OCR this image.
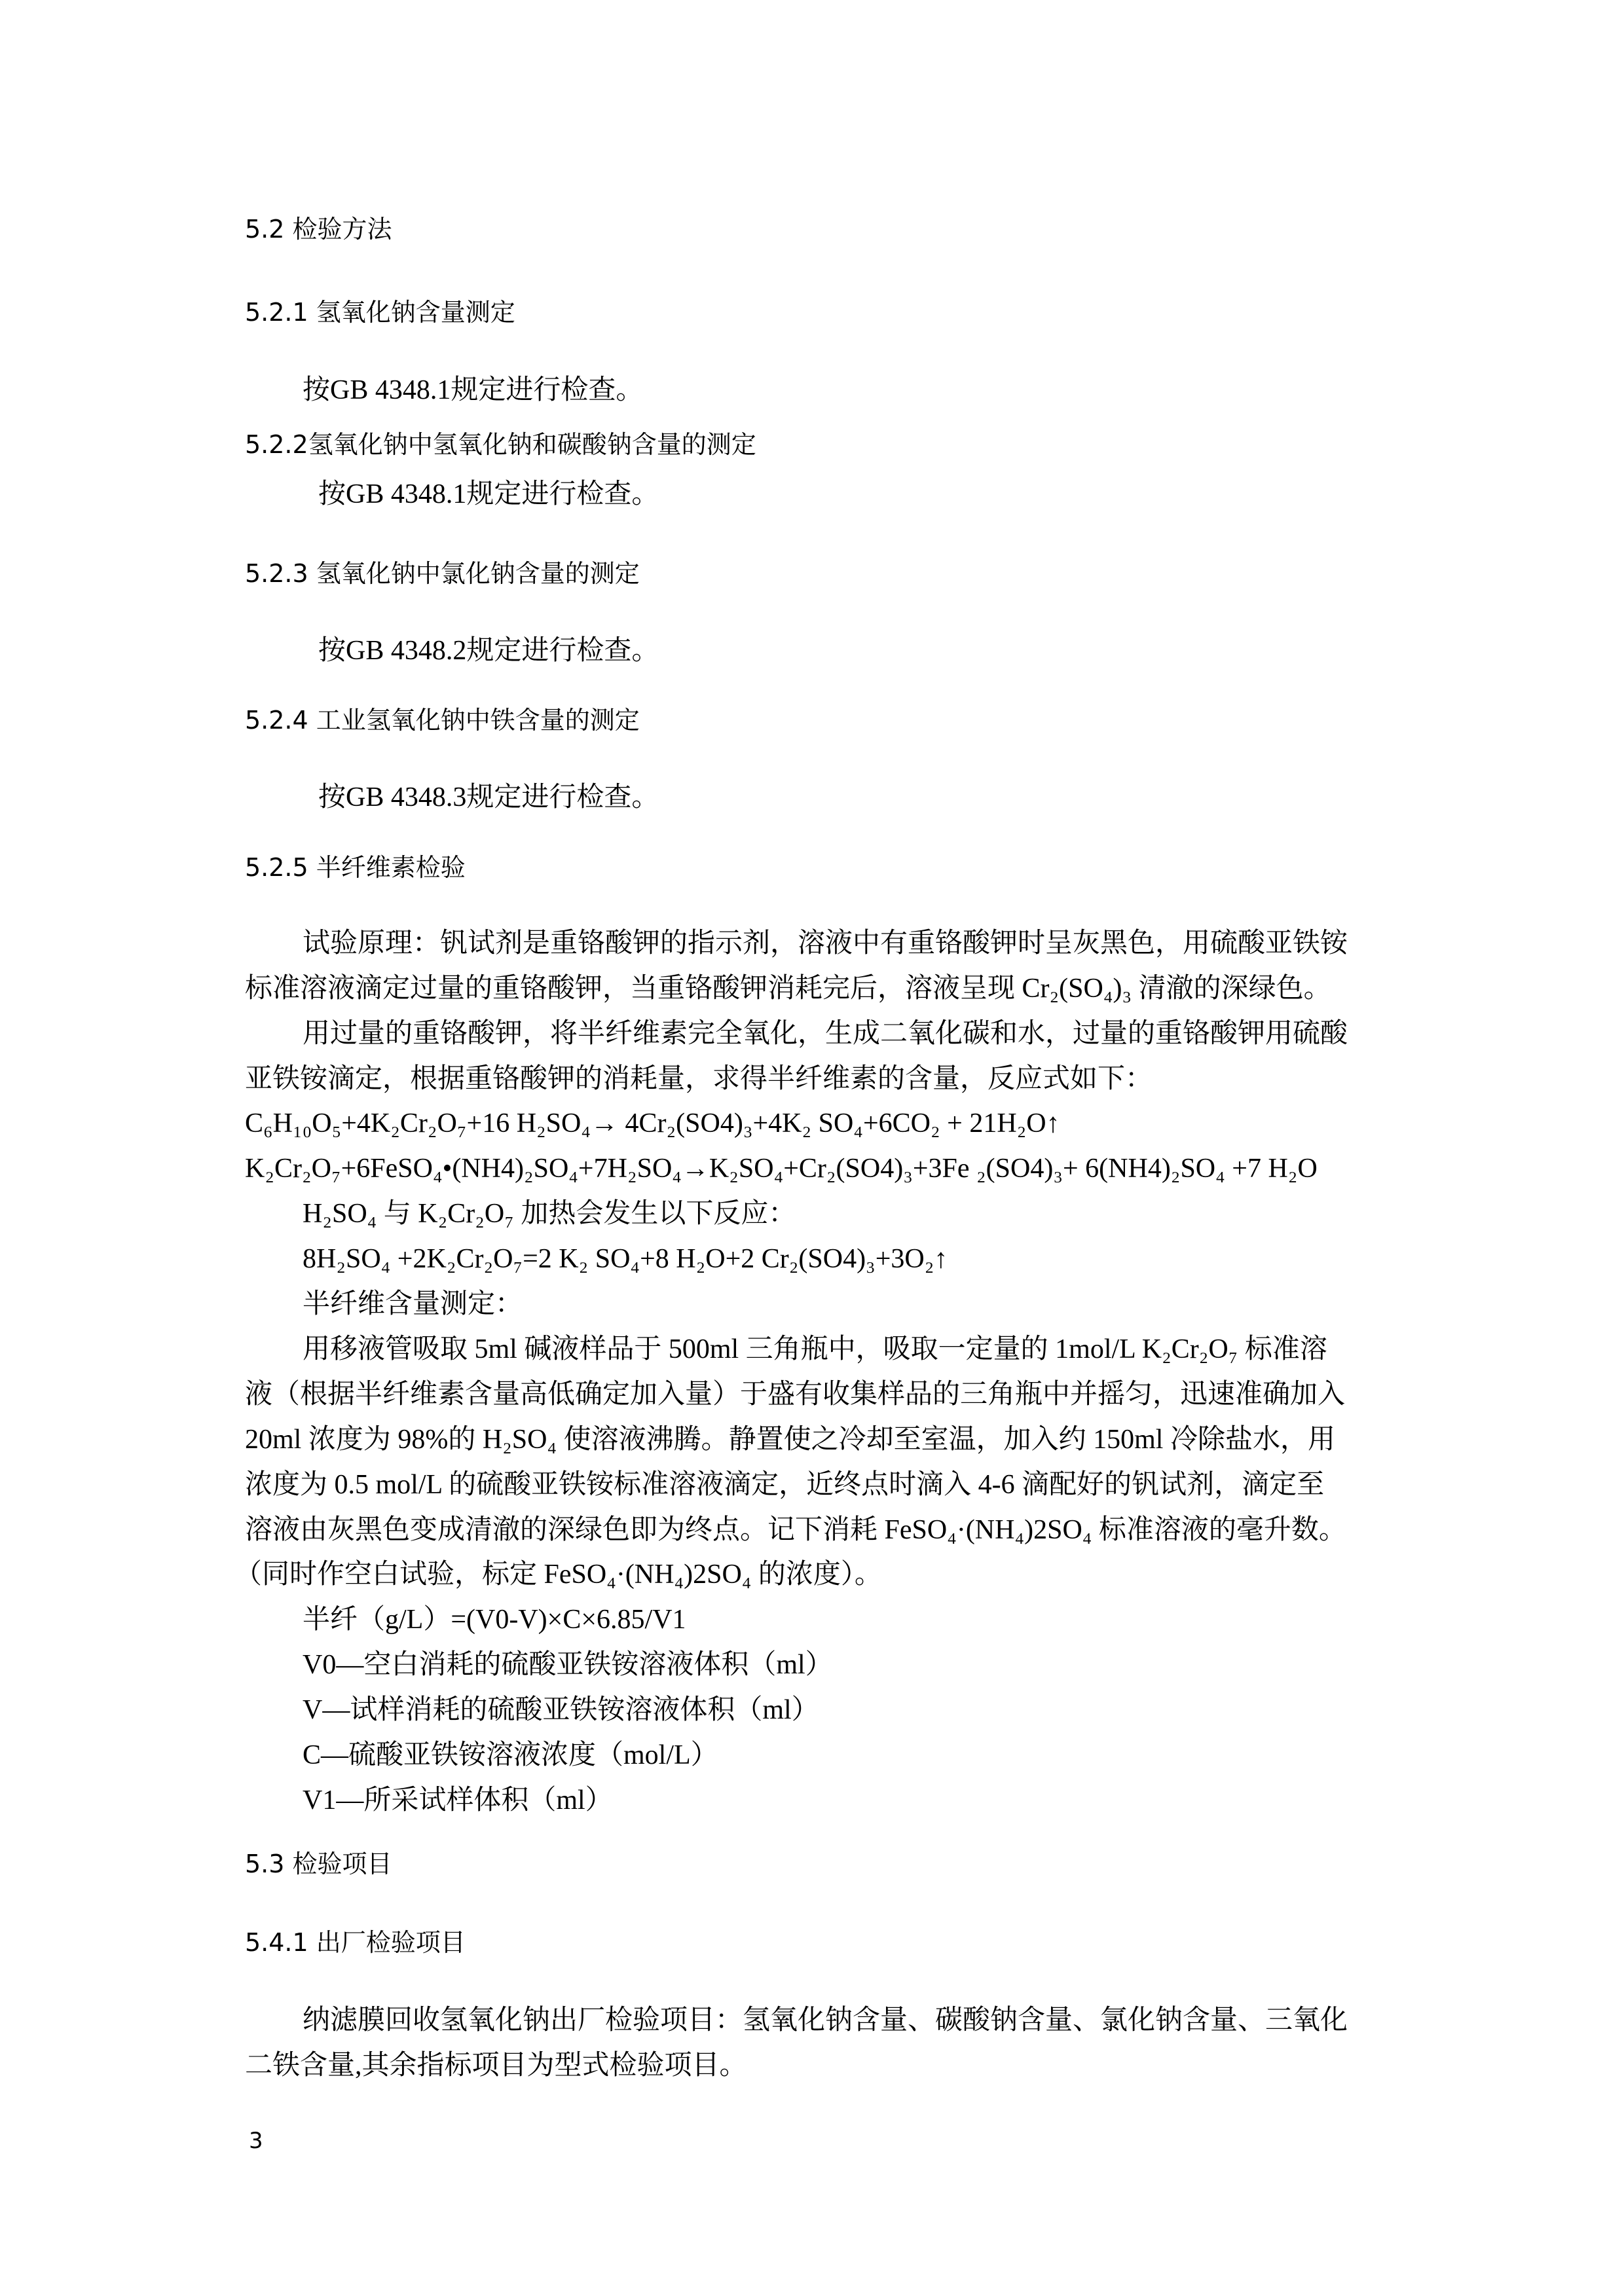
5.2 检验方法
5.2.1 氢氧化钠含量测定
按GB 4348.1规定进行检查。
5.2.2氢氧化钠中氢氧化钠和碳酸钠含量的测定
按GB 4348.1规定进行检查。
5.2.3 氢氧化钠中氯化钠含量的测定
按GB 4348.2规定进行检查。
5.2.4 工业氢氧化钠中铁含量的测定
按GB 4348.3规定进行检查。
5.2.5 半纤维素检验
试验原理：钒试剂是重铬酸钾的指示剂，溶液中有重铬酸钾时呈灰黑色，用硫酸亚铁铵
标准溶液滴定过量的重铬酸钾，当重铬酸钾消耗完后，溶液呈现 Cr₂(SO₄)₃ 清澈的深绿色。
用过量的重铬酸钾，将半纤维素完全氧化，生成二氧化碳和水，过量的重铬酸钾用硫酸
亚铁铵滴定，根据重铬酸钾的消耗量，求得半纤维素的含量，反应式如下：
C₆H₁₀O₅+4K₂Cr₂O₇+16 H₂SO₄→ 4Cr₂(SO4)₃+4K₂ SO₄+6CO₂ + 21H₂O↑
K₂Cr₂O₇+6FeSO₄•(NH4)₂SO₄+7H₂SO₄→K₂SO₄+Cr₂(SO4)₃+3Fe ₂(SO4)₃+ 6(NH4)₂SO₄ +7 H₂O
H₂SO₄ 与 K₂Cr₂O₇ 加热会发生以下反应：
8H₂SO₄ +2K₂Cr₂O₇=2 K₂ SO₄+8 H₂O+2 Cr₂(SO4)₃+3O₂↑
半纤维含量测定：
用移液管吸取 5ml 碱液样品于 500ml 三角瓶中，吸取一定量的 1mol/L K₂Cr₂O₇ 标准溶
液（根据半纤维素含量高低确定加入量）于盛有收集样品的三角瓶中并摇匀，迅速准确加入
20ml 浓度为 98%的 H₂SO₄ 使溶液沸腾。静置使之冷却至室温，加入约 150ml 冷除盐水，用
浓度为 0.5 mol/L 的硫酸亚铁铵标准溶液滴定，近终点时滴入 4-6 滴配好的钒试剂，滴定至
溶液由灰黑色变成清澈的深绿色即为终点。记下消耗 FeSO₄·(NH₄)2SO₄ 标准溶液的毫升数。
（同时作空白试验，标定 FeSO₄·(NH₄)2SO₄ 的浓度）。
半纤（g/L）=(V0-V)×C×6.85/V1
V0—空白消耗的硫酸亚铁铵溶液体积（ml）
V—试样消耗的硫酸亚铁铵溶液体积（ml）
C—硫酸亚铁铵溶液浓度（mol/L）
V1—所采试样体积（ml）
5.3 检验项目
5.4.1 出厂检验项目
纳滤膜回收氢氧化钠出厂检验项目：氢氧化钠含量、碳酸钠含量、氯化钠含量、三氧化
二铁含量,其余指标项目为型式检验项目。
3
